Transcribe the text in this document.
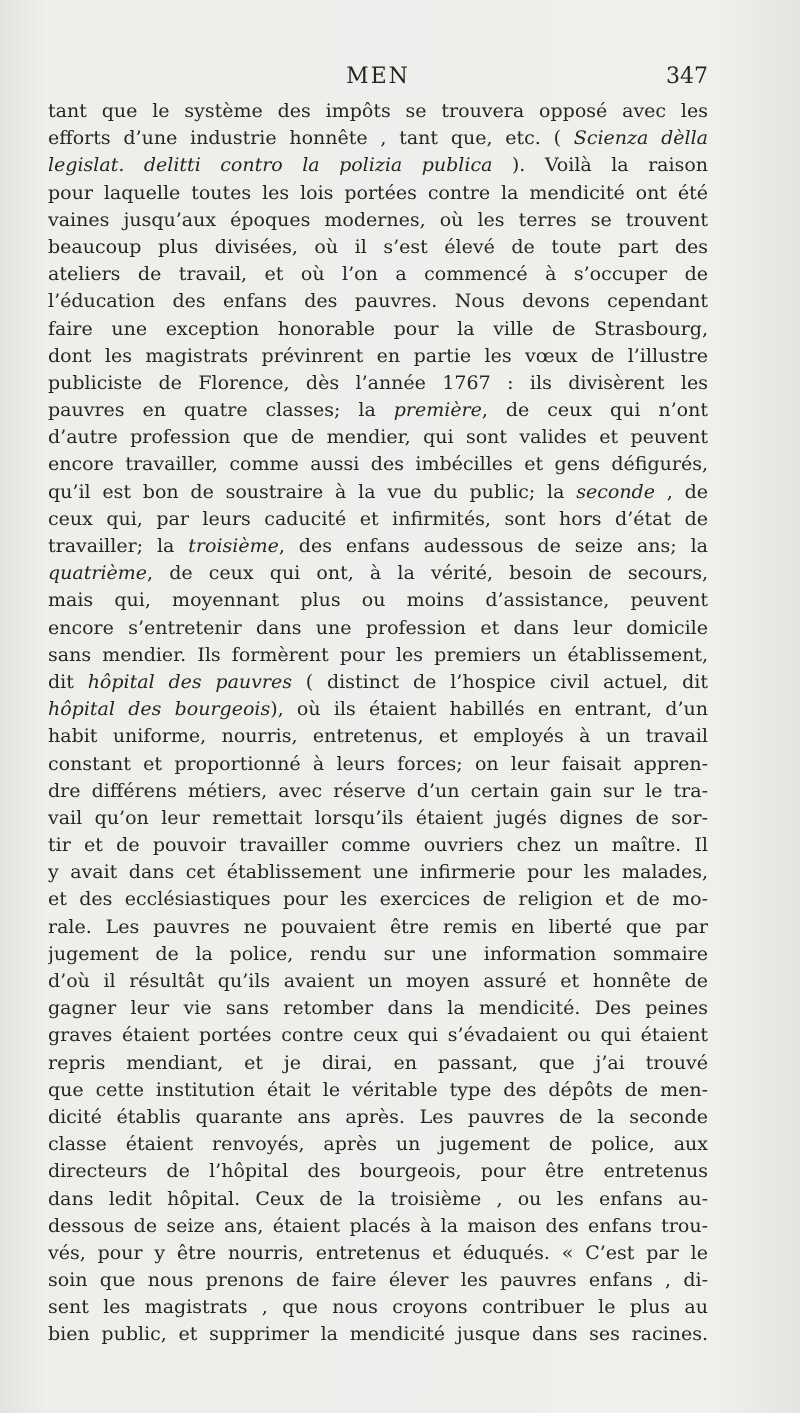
MEN	347
tant que le système des impôts se trouvera opposé avec les
efforts d’une industrie honnête , tant que, etc. ( Scienza dèlla
legislat. delitti contro la polizia publica ). Voilà la raison
pour laquelle toutes les lois portées contre la mendicité ont été
vaines jusqu’aux époques modernes, où les terres se trouvent
beaucoup plus divisées, où il s’est élevé de toute part des
ateliers de travail, et où l’on a commencé à s’occuper de
l’éducation des enfans des pauvres. Nous devons cependant
faire une exception honorable pour la ville de Strasbourg,
dont les magistrats prévinrent en partie les vœux de l’illustre
publiciste de Florence, dès l’année 1767 : ils divisèrent les
pauvres en quatre classes; la première, de ceux qui n’ont
d’autre profession que de mendier, qui sont valides et peuvent
encore travailler, comme aussi des imbécilles et gens défigurés,
qu’il est bon de soustraire à la vue du public; la seconde , de
ceux qui, par leurs caducité et infirmités, sont hors d’état de
travailler; la troisième, des enfans audessous de seize ans; la
quatrième, de ceux qui ont, à la vérité, besoin de secours,
mais qui, moyennant plus ou moins d’assistance, peuvent
encore s’entretenir dans une profession et dans leur domicile
sans mendier. Ils formèrent pour les premiers un établissement,
dit hôpital des pauvres ( distinct de l’hospice civil actuel, dit
hôpital des bourgeois), où ils étaient habillés en entrant, d’un
habit uniforme, nourris, entretenus, et employés à un travail
constant et proportionné à leurs forces; on leur faisait appren-
dre différens métiers, avec réserve d’un certain gain sur le tra-
vail qu’on leur remettait lorsqu’ils étaient jugés dignes de sor-
tir et de pouvoir travailler comme ouvriers chez un maître. Il
y avait dans cet établissement une infirmerie pour les malades,
et des ecclésiastiques pour les exercices de religion et de mo-
rale. Les pauvres ne pouvaient être remis en liberté que par
jugement de la police, rendu sur une information sommaire
d’où il résultât qu’ils avaient un moyen assuré et honnête de
gagner leur vie sans retomber dans la mendicité. Des peines
graves étaient portées contre ceux qui s’évadaient ou qui étaient
repris mendiant, et je dirai, en passant, que j’ai trouvé
que cette institution était le véritable type des dépôts de men-
dicité établis quarante ans après. Les pauvres de la seconde
classe étaient renvoyés, après un jugement de police, aux
directeurs de l’hôpital des bourgeois, pour être entretenus
dans ledit hôpital. Ceux de la troisième , ou les enfans au-
dessous de seize ans, étaient placés à la maison des enfans trou-
vés, pour y être nourris, entretenus et éduqués. « C’est par le
soin que nous prenons de faire élever les pauvres enfans , di-
sent les magistrats , que nous croyons contribuer le plus au
bien public, et supprimer la mendicité jusque dans ses racines.
